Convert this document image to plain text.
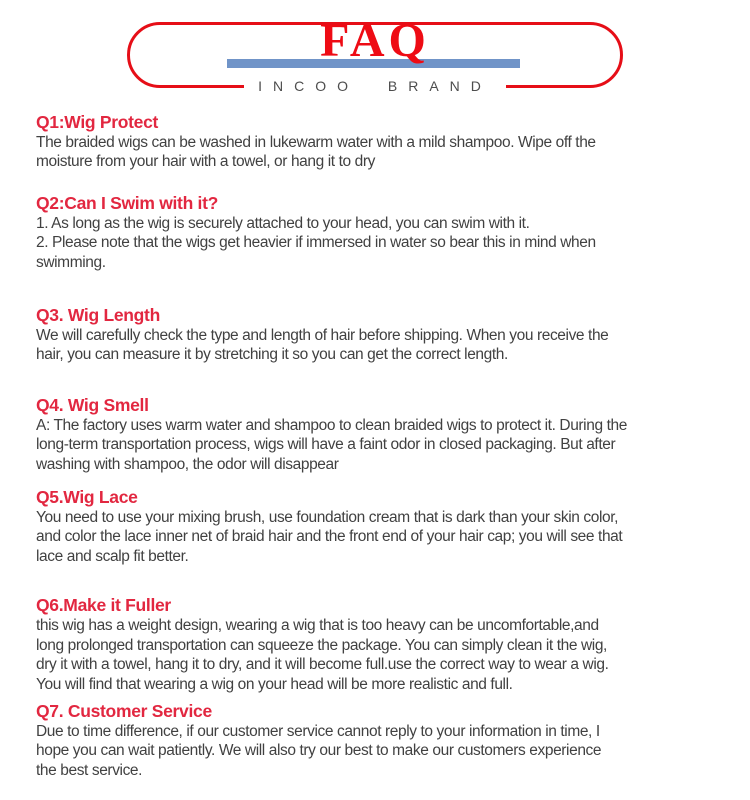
FAQ
INCOO BRAND
Q1:Wig Protect
The braided wigs can be washed in lukewarm water with a mild shampoo. Wipe off the
moisture from your hair with a towel, or hang it to dry
Q2:Can I Swim with it?
1. As long as the wig is securely attached to your head, you can swim with it.
2. Please note that the wigs get heavier if immersed in water so bear this in mind when
swimming.
Q3. Wig Length
We will carefully check the type and length of hair before shipping. When you receive the
hair, you can measure it by stretching it so you can get the correct length.
Q4. Wig Smell
A: The factory uses warm water and shampoo to clean braided wigs to protect it. During the
long-term transportation process, wigs will have a faint odor in closed packaging. But after
washing with shampoo, the odor will disappear
Q5.Wig Lace
You need to use your mixing brush, use foundation cream that is dark than your skin color,
and color the lace inner net of braid hair and the front end of your hair cap; you will see that
lace and scalp fit better.
Q6.Make it Fuller
this wig has a weight design, wearing a wig that is too heavy can be uncomfortable,and
long prolonged transportation can squeeze the package. You can simply clean it the wig,
dry it with a towel, hang it to dry, and it will become full.use the correct way to wear a wig.
You will find that wearing a wig on your head will be more realistic and full.
Q7. Customer Service
Due to time difference, if our customer service cannot reply to your information in time, I
hope you can wait patiently. We will also try our best to make our customers experience
the best service.
